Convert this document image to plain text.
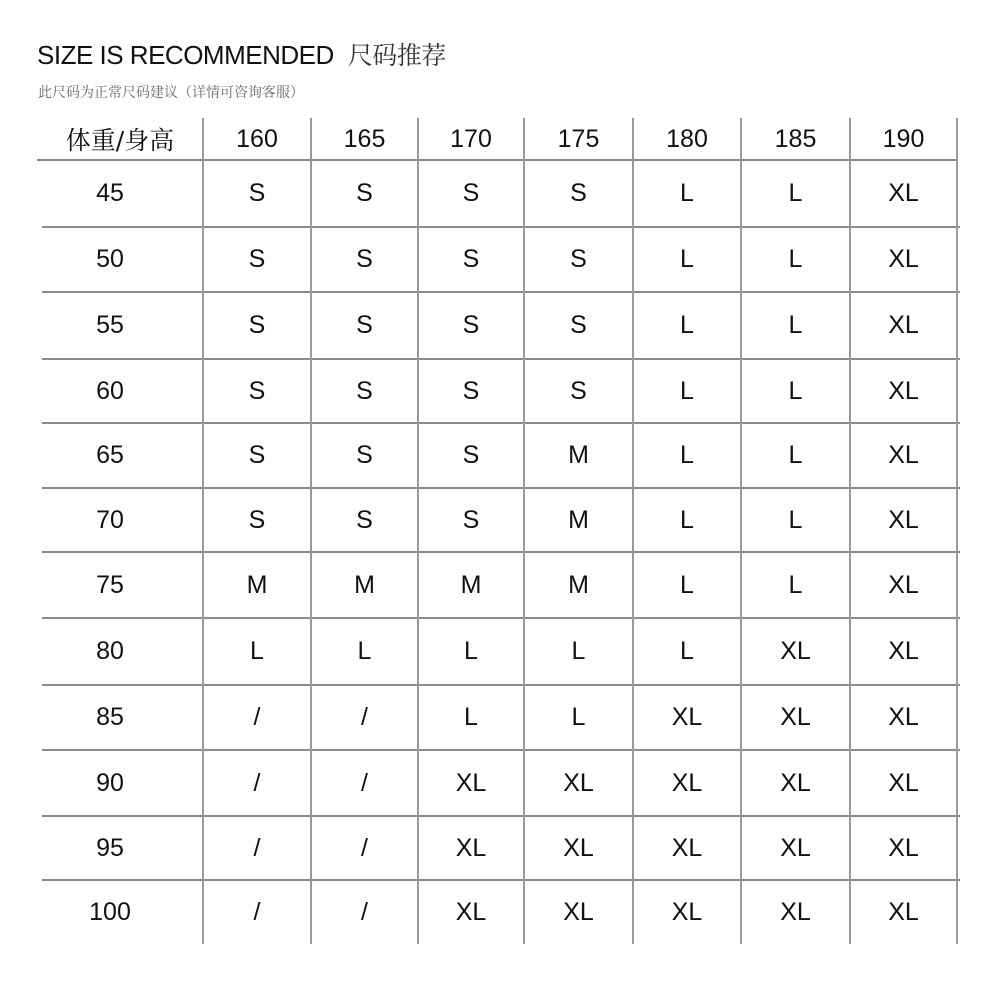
SIZE IS RECOMMENDED 尺码推荐
此尺码为正常尺码建议（详情可咨询客服）
体重/身高	160	165	170	175	180	185	190
45	S	S	S	S	L	L	XL
50	S	S	S	S	L	L	XL
55	S	S	S	S	L	L	XL
60	S	S	S	S	L	L	XL
65	S	S	S	M	L	L	XL
70	S	S	S	M	L	L	XL
75	M	M	M	M	L	L	XL
80	L	L	L	L	L	XL	XL
85	/	/	L	L	XL	XL	XL
90	/	/	XL	XL	XL	XL	XL
95	/	/	XL	XL	XL	XL	XL
100	/	/	XL	XL	XL	XL	XL
